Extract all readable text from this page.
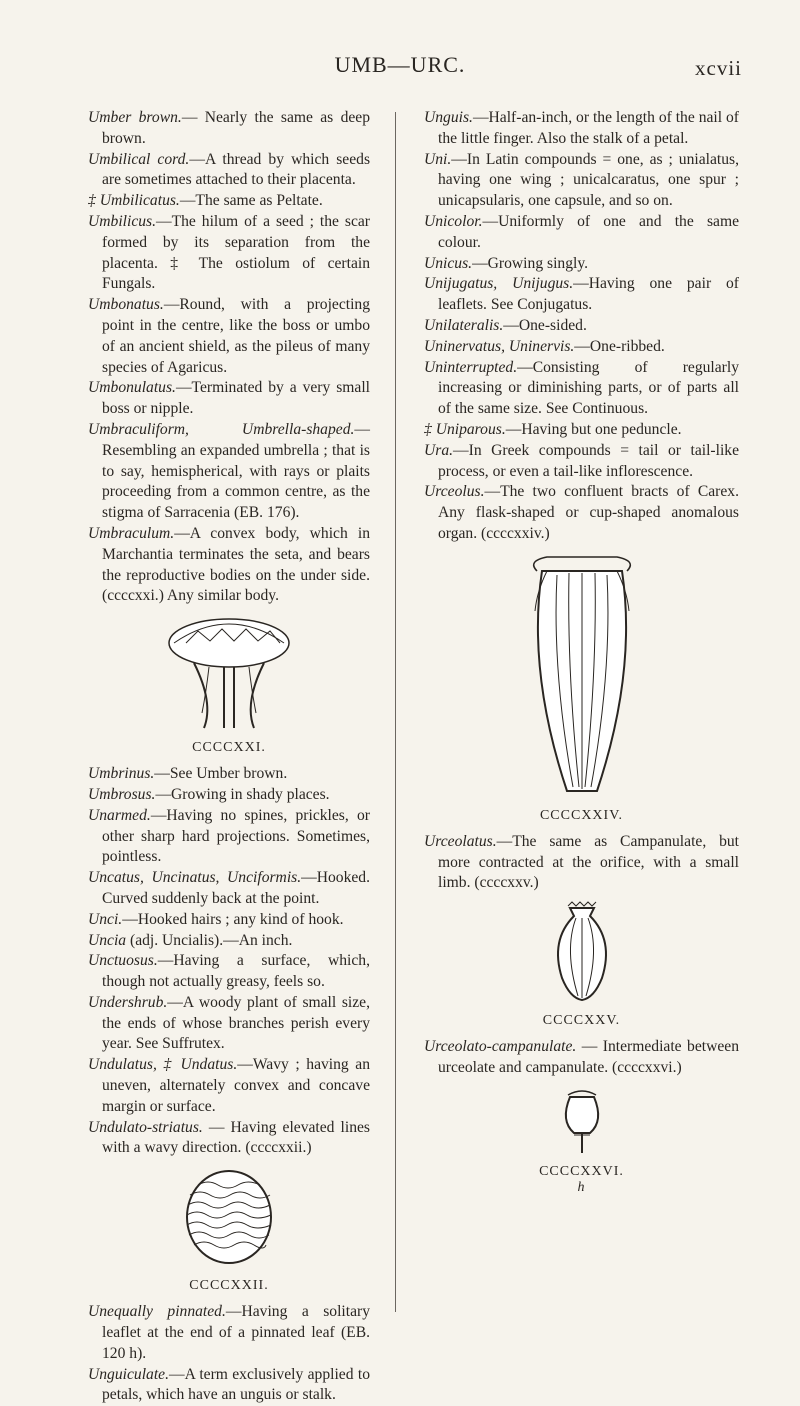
UMB—URC.	xcvii

Umber brown.— Nearly the same as deep brown.

Umbilical cord.—A thread by which seeds are sometimes attached to their placenta.

‡ Umbilicatus.—The same as Peltate.

Umbilicus.—The hilum of a seed ; the scar formed by its separation from the placenta. ‡ The ostiolum of certain Fungals.

Umbonatus.—Round, with a projecting point in the centre, like the boss or umbo of an ancient shield, as the pileus of many species of Agaricus.

Umbonulatus.—Terminated by a very small boss or nipple.

Umbraculiform, Umbrella-shaped.—Resembling an expanded umbrella ; that is to say, hemispherical, with rays or plaits proceeding from a common centre, as the stigma of Sarracenia (EB. 176).

Umbraculum.—A convex body, which in Marchantia terminates the seta, and bears the reproductive bodies on the under side. (ccccxxi.) Any similar body.

CCCCXXI.

Umbrinus.—See Umber brown.

Umbrosus.—Growing in shady places.

Unarmed.—Having no spines, prickles, or other sharp hard projections. Sometimes, pointless.

Uncatus, Uncinatus, Unciformis.—Hooked. Curved suddenly back at the point.

Unci.—Hooked hairs ; any kind of hook.

Uncia (adj. Uncialis).—An inch.

Unctuosus.—Having a surface, which, though not actually greasy, feels so.

Undershrub.—A woody plant of small size, the ends of whose branches perish every year. See Suffrutex.

Undulatus, ‡ Undatus.—Wavy ; having an uneven, alternately convex and concave margin or surface.

Undulato-striatus. — Having elevated lines with a wavy direction. (ccccxxii.)

CCCCXXII.

Unequally pinnated.—Having a solitary leaflet at the end of a pinnated leaf (EB. 120 h).

Unguiculate.—A term exclusively applied to petals, which have an unguis or stalk.

Unguis.—Half-an-inch, or the length of the nail of the little finger. Also the stalk of a petal.

Uni.—In Latin compounds = one, as ; unialatus, having one wing ; unicalcaratus, one spur ; unicapsularis, one capsule, and so on.

Unicolor.—Uniformly of one and the same colour.

Unicus.—Growing singly.

Unijugatus, Unijugus.—Having one pair of leaflets. See Conjugatus.

Unilateralis.—One-sided.

Uninervatus, Uninervis.—One-ribbed.

Uninterrupted.—Consisting of regularly increasing or diminishing parts, or of parts all of the same size. See Continuous.

‡ Uniparous.—Having but one peduncle.

Ura.—In Greek compounds = tail or tail-like process, or even a tail-like inflorescence.

Urceolus.—The two confluent bracts of Carex. Any flask-shaped or cup-shaped anomalous organ. (ccccxxiv.)

CCCCXXIV.

Urceolatus.—The same as Campanulate, but more contracted at the orifice, with a small limb. (ccccxxv.)

CCCCXXV.

Urceolato-campanulate. — Intermediate between urceolate and campanulate. (ccccxxvi.)

CCCCXXVI.
h
